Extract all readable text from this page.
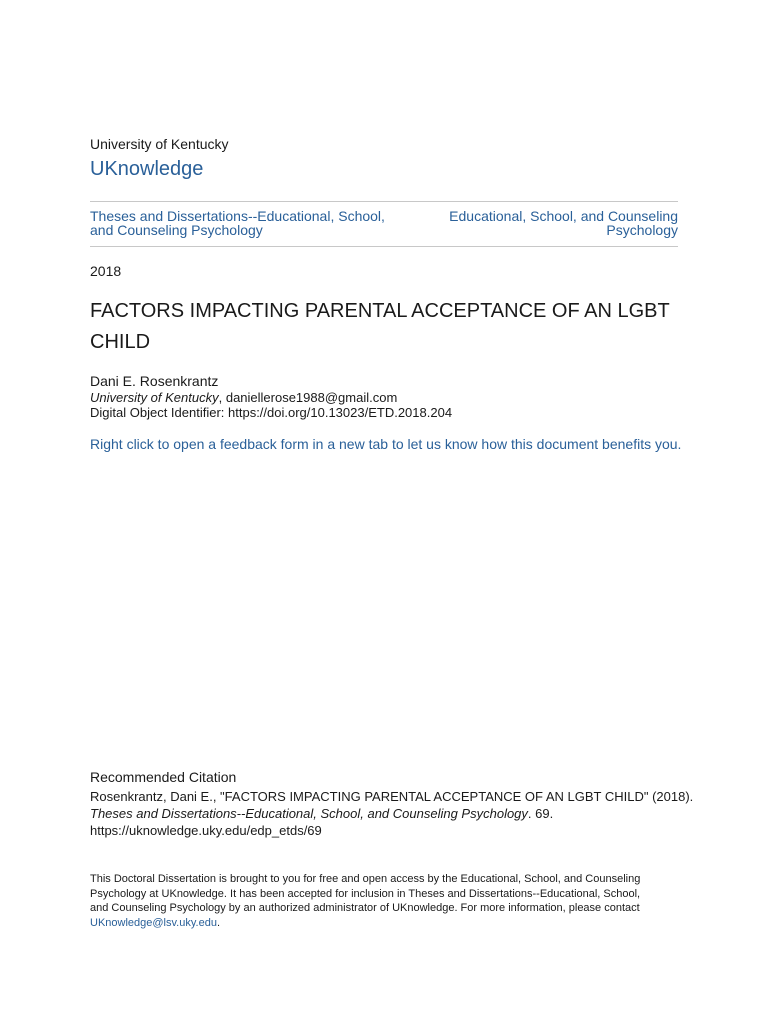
University of Kentucky
UKnowledge
Theses and Dissertations--Educational, School,
and Counseling Psychology
Educational, School, and Counseling
Psychology
2018
FACTORS IMPACTING PARENTAL ACCEPTANCE OF AN LGBT
CHILD
Dani E. Rosenkrantz
University of Kentucky, daniellerose1988@gmail.com
Digital Object Identifier: https://doi.org/10.13023/ETD.2018.204
Right click to open a feedback form in a new tab to let us know how this document benefits you.
Recommended Citation
Rosenkrantz, Dani E., "FACTORS IMPACTING PARENTAL ACCEPTANCE OF AN LGBT CHILD" (2018).
Theses and Dissertations--Educational, School, and Counseling Psychology. 69.
https://uknowledge.uky.edu/edp_etds/69
This Doctoral Dissertation is brought to you for free and open access by the Educational, School, and Counseling
Psychology at UKnowledge. It has been accepted for inclusion in Theses and Dissertations--Educational, School,
and Counseling Psychology by an authorized administrator of UKnowledge. For more information, please contact
UKnowledge@lsv.uky.edu.
